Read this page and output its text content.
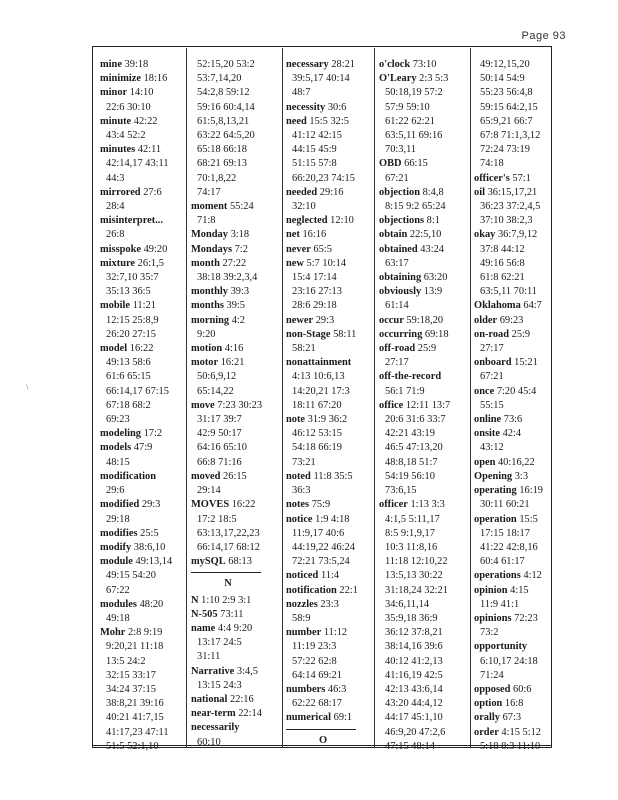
Page 93
\
mine 39:18
minimize 18:16
minor 14:10
22:6 30:10
minute 42:22
43:4 52:2
minutes 42:11
42:14,17 43:11
44:3
mirrored 27:6
28:4
misinterpret...
26:8
misspoke 49:20
mixture 26:1,5
32:7,10 35:7
35:13 36:5
mobile 11:21
12:15 25:8,9
26:20 27:15
model 16:22
49:13 58:6
61:6 65:15
66:14,17 67:15
67:18 68:2
69:23
modeling 17:2
models 47:9
48:15
modification
29:6
modified 29:3
29:18
modifies 25:5
modify 38:6,10
module 49:13,14
49:15 54:20
67:22
modules 48:20
49:18
Mohr 2:8 9:19
9:20,21 11:18
13:5 24:2
32:15 33:17
34:24 37:15
38:8,21 39:16
40:21 41:7,15
41:17,23 47:11
51:5 52:1,10
52:15,20 53:2
53:7,14,20
54:2,8 59:12
59:16 60:4,14
61:5,8,13,21
63:22 64:5,20
65:18 66:18
68:21 69:13
70:1,8,22
74:17
moment 55:24
71:8
Monday 3:18
Mondays 7:2
month 27:22
38:18 39:2,3,4
monthly 39:3
months 39:5
morning 4:2
9:20
motion 4:16
motor 16:21
50:6,9,12
65:14,22
move 7:23 30:23
31:17 39:7
42:9 50:17
64:16 65:10
66:8 71:16
moved 26:15
29:14
MOVES 16:22
17:2 18:5
63:13,17,22,23
66:14,17 68:12
mySQL 68:13
N
N 1:10 2:9 3:1
N-505 73:11
name 4:4 9:20
13:17 24:5
31:11
Narrative 3:4,5
13:15 24:3
national 22:16
near-term 22:14
necessarily
60:10
necessary 28:21
39:5,17 40:14
48:7
necessity 30:6
need 15:5 32:5
41:12 42:15
44:15 45:9
51:15 57:8
66:20,23 74:15
needed 29:16
32:10
neglected 12:10
net 16:16
never 65:5
new 5:7 10:14
15:4 17:14
23:16 27:13
28:6 29:18
newer 29:3
non-Stage 58:11
58:21
nonattainment
4:13 10:6,13
14:20,21 17:3
18:11 67:20
note 31:9 36:2
46:12 53:15
54:18 66:19
73:21
noted 11:8 35:5
36:3
notes 75:9
notice 1:9 4:18
11:9,17 40:6
44:19,22 46:24
72:21 73:5,24
noticed 11:4
notification 22:1
nozzles 23:3
58:9
number 11:12
11:19 23:3
57:22 62:8
64:14 69:21
numbers 46:3
62:22 68:17
numerical 69:1
O
o'clock 73:10
O'Leary 2:3 5:3
50:18,19 57:2
57:9 59:10
61:22 62:21
63:5,11 69:16
70:3,11
OBD 66:15
67:21
objection 8:4,8
8:15 9:2 65:24
objections 8:1
obtain 22:5,10
obtained 43:24
63:17
obtaining 63:20
obviously 13:9
61:14
occur 59:18,20
occurring 69:18
off-road 25:9
27:17
off-the-record
56:1 71:9
office 12:11 13:7
20:6 31:6 33:7
42:21 43:19
46:5 47:13,20
48:8,18 51:7
54:19 56:10
73:6,15
officer 1:13 3:3
4:1,5 5:11,17
8:5 9:1,9,17
10:3 11:8,16
11:18 12:10,22
13:5,13 30:22
31:18,24 32:21
34:6,11,14
35:9,18 36:9
36:12 37:8,21
38:14,16 39:6
40:12 41:2,13
41:16,19 42:5
42:13 43:6,14
43:20 44:4,12
44:17 45:1,10
46:9,20 47:2,6
47:15 48:14
49:12,15,20
50:14 54:9
55:23 56:4,8
59:15 64:2,15
65:9,21 66:7
67:8 71:1,3,12
72:24 73:19
74:18
officer's 57:1
oil 36:15,17,21
36:23 37:2,4,5
37:10 38:2,3
okay 36:7,9,12
37:8 44:12
49:16 56:8
61:8 62:21
63:5,11 70:11
Oklahoma 64:7
older 69:23
on-road 25:9
27:17
onboard 15:21
67:21
once 7:20 45:4
55:15
online 73:6
onsite 42:4
43:12
open 40:16,22
Opening 3:3
operating 16:19
30:11 60:21
operation 15:5
17:15 18:17
41:22 42:8,16
60:4 61:17
operations 4:12
opinion 4:15
11:9 41:1
opinions 72:23
73:2
opportunity
6:10,17 24:18
71:24
opposed 60:6
option 16:8
orally 67:3
order 4:15 5:12
5:18 8:3 11:10
